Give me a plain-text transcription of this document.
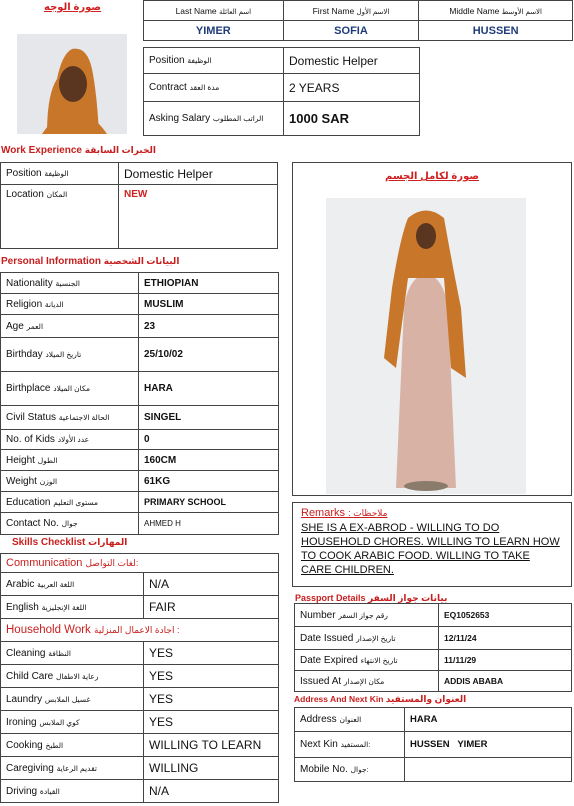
صورة الوجه	Last Name اسم العائلة	First Name الاسم الأول	Middle Name الاسم الأوسط
YIMER	SOFIA	HUSSEN
Position الوظيفة	Domestic Helper
Contract مدة العقد	2 YEARS
Asking Salary الراتب المطلوب	1000 SAR
Work Experience الخبرات السابقة
Position الوظيفة	Domestic Helper
Location المكان	NEW
Personal Information البيانات الشخصية
Nationality الجنسية	ETHIOPIAN
Religion الديانة	MUSLIM
Age العمر	23
Birthday تاريخ الميلاد	25/10/02
Birthplace مكان الميلاد	HARA
Civil Status الحالة الاجتماعية	SINGEL
No. of Kids عدد الأولاد	0
Height الطول	160CM
Weight الوزن	61KG
Education مستوى التعليم	PRIMARY SCHOOL
Contact No. جوال	AHMED H
Skills Checklist المهارات
Communication لغات التواصل:
Arabic اللغة العربية	N/A
English اللغة الإنجليزية	FAIR
Household Work اجادة الاعمال المنزلية :
Cleaning النظافة	YES
Child Care رعاية الاطفال	YES
Laundry غسيل الملابس	YES
Ironing كوي الملابس	YES
Cooking الطبخ	WILLING TO LEARN
Caregiving تقديم الرعاية	WILLING
Driving القيادة	N/A
صورة لكامل الجسم
Remarks : ملاحظات
SHE IS A EX-ABROD - WILLING TO DO HOUSEHOLD CHORES. WILLING TO LEARN HOW TO COOK ARABIC FOOD. WILLING TO TAKE CARE CHILDREN.
Passport Details بيانات جواز السفر
Number رقم جواز السفر	EQ1052653
Date Issued تاريخ الإصدار	12/11/24
Date Expired تاريخ الانتهاء	11/11/29
Issued At مكان الإصدار	ADDIS ABABA
Address And Next Kin العنوان والمستفيد
Address العنوان	HARA
Next Kin المستفيد:	HUSSEN   YIMER
Mobile No. جوال:	
